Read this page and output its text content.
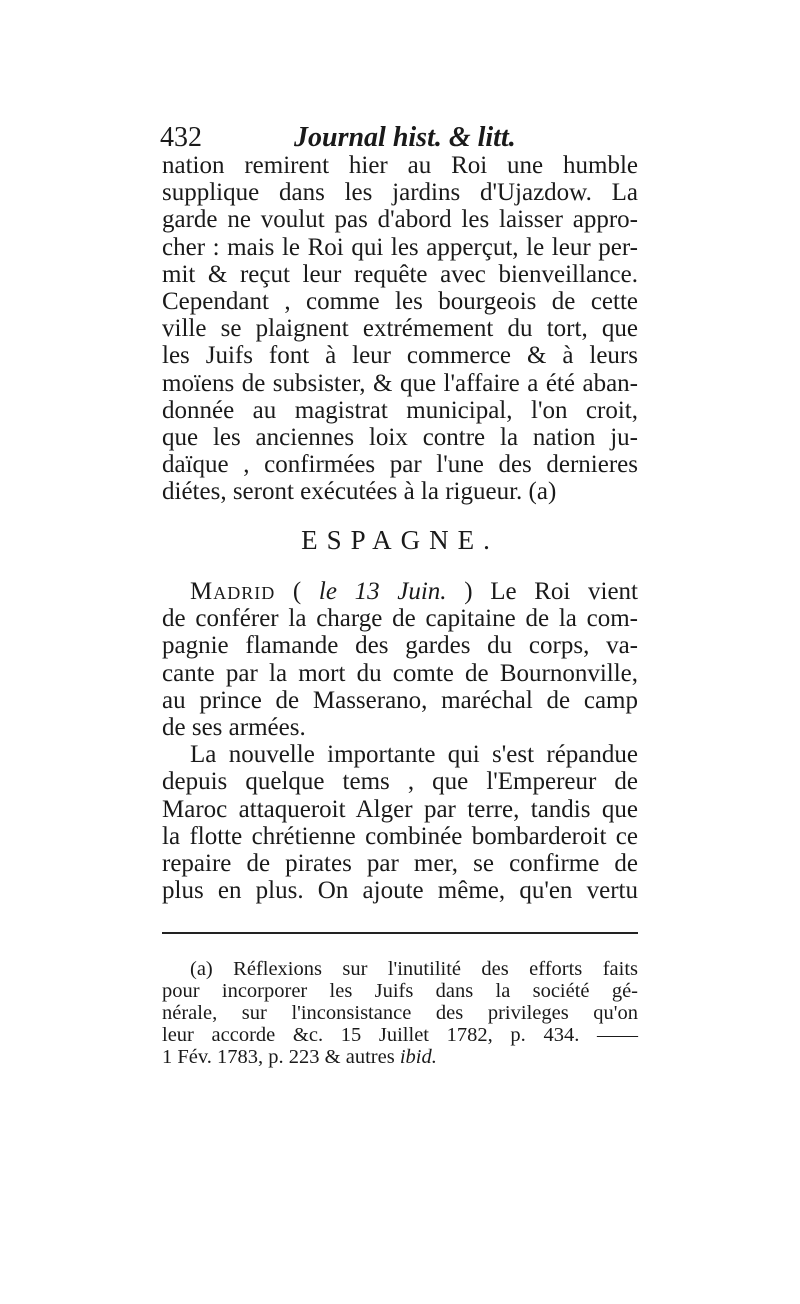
432	Journal hist. & litt.
nation remirent hier au Roi une humble
supplique dans les jardins d'Ujazdow. La
garde ne voulut pas d'abord les laisser appro-
cher : mais le Roi qui les apperçut, le leur per-
mit & reçut leur requête avec bienveillance.
Cependant , comme les bourgeois de cette
ville se plaignent extrémement du tort, que
les Juifs font à leur commerce & à leurs
moïens de subsister, & que l'affaire a été aban-
donnée au magistrat municipal, l'on croit,
que les anciennes loix contre la nation ju-
daïque , confirmées par l'une des dernieres
diétes, seront exécutées à la rigueur. (a)
ESPAGNE.
Madrid ( le 13 Juin. ) Le Roi vient
de conférer la charge de capitaine de la com-
pagnie flamande des gardes du corps, va-
cante par la mort du comte de Bournonville,
au prince de Masserano, maréchal de camp
de ses armées.
La nouvelle importante qui s'est répandue
depuis quelque tems , que l'Empereur de
Maroc attaqueroit Alger par terre, tandis que
la flotte chrétienne combinée bombarderoit ce
repaire de pirates par mer, se confirme de
plus en plus. On ajoute même, qu'en vertu
(a) Réflexions sur l'inutilité des efforts faits
pour incorporer les Juifs dans la société gé-
nérale, sur l'inconsistance des privileges qu'on
leur accorde &c. 15 Juillet 1782, p. 434. ——
1 Fév. 1783, p. 223 & autres ibid.
